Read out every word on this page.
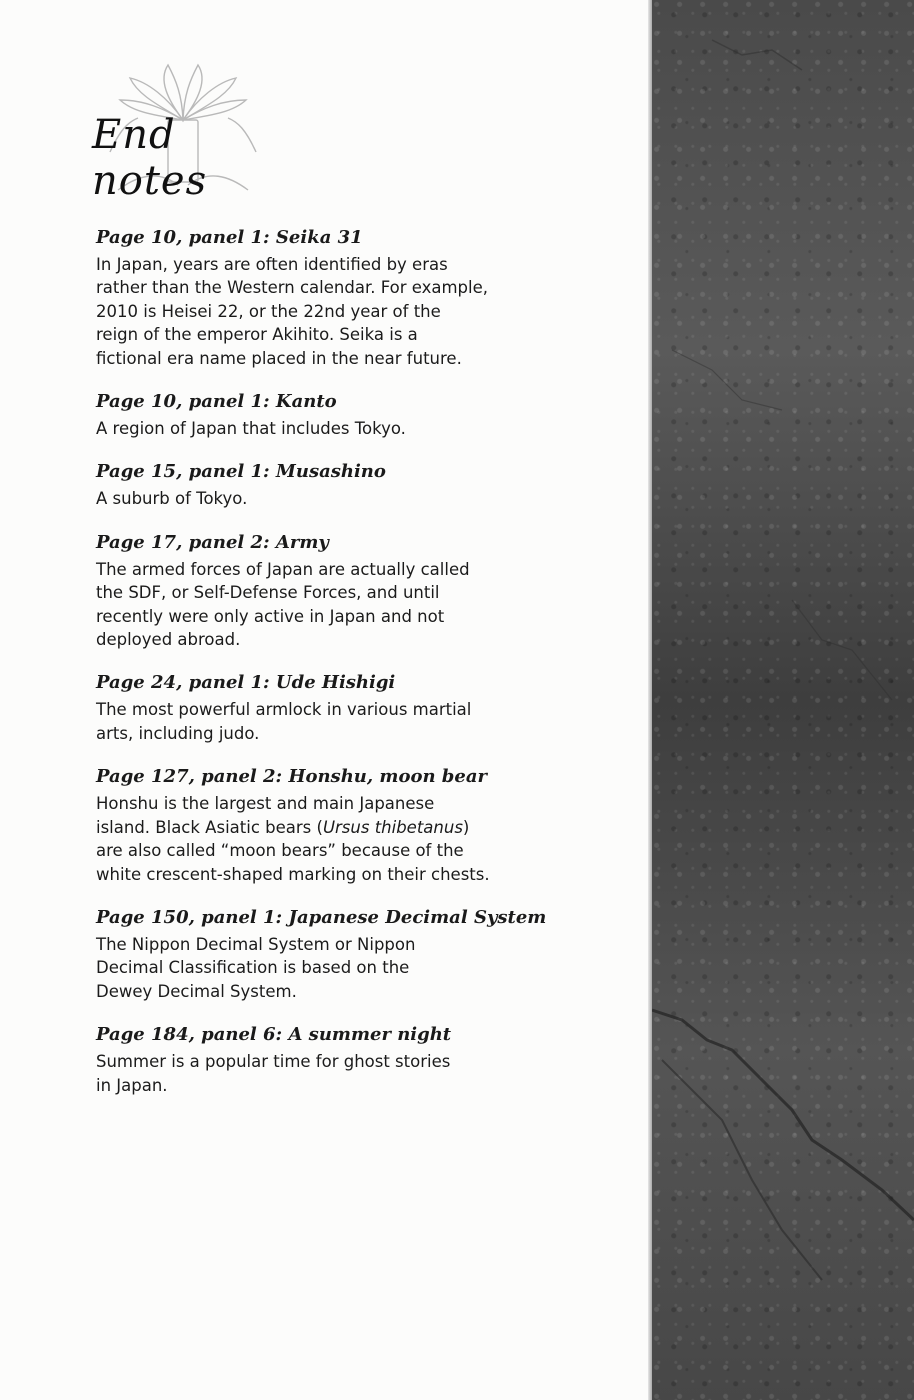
End notes
Page 10, panel 1: Seika 31
In Japan, years are often identified by eras
rather than the Western calendar. For example,
2010 is Heisei 22, or the 22nd year of the
reign of the emperor Akihito. Seika is a
fictional era name placed in the near future.
Page 10, panel 1: Kanto
A region of Japan that includes Tokyo.
Page 15, panel 1: Musashino
A suburb of Tokyo.
Page 17, panel 2: Army
The armed forces of Japan are actually called
the SDF, or Self-Defense Forces, and until
recently were only active in Japan and not
deployed abroad.
Page 24, panel 1: Ude Hishigi
The most powerful armlock in various martial
arts, including judo.
Page 127, panel 2: Honshu, moon bear
Honshu is the largest and main Japanese
island. Black Asiatic bears (Ursus thibetanus)
are also called “moon bears” because of the
white crescent-shaped marking on their chests.
Page 150, panel 1: Japanese Decimal System
The Nippon Decimal System or Nippon
Decimal Classification is based on the
Dewey Decimal System.
Page 184, panel 6: A summer night
Summer is a popular time for ghost stories
in Japan.
